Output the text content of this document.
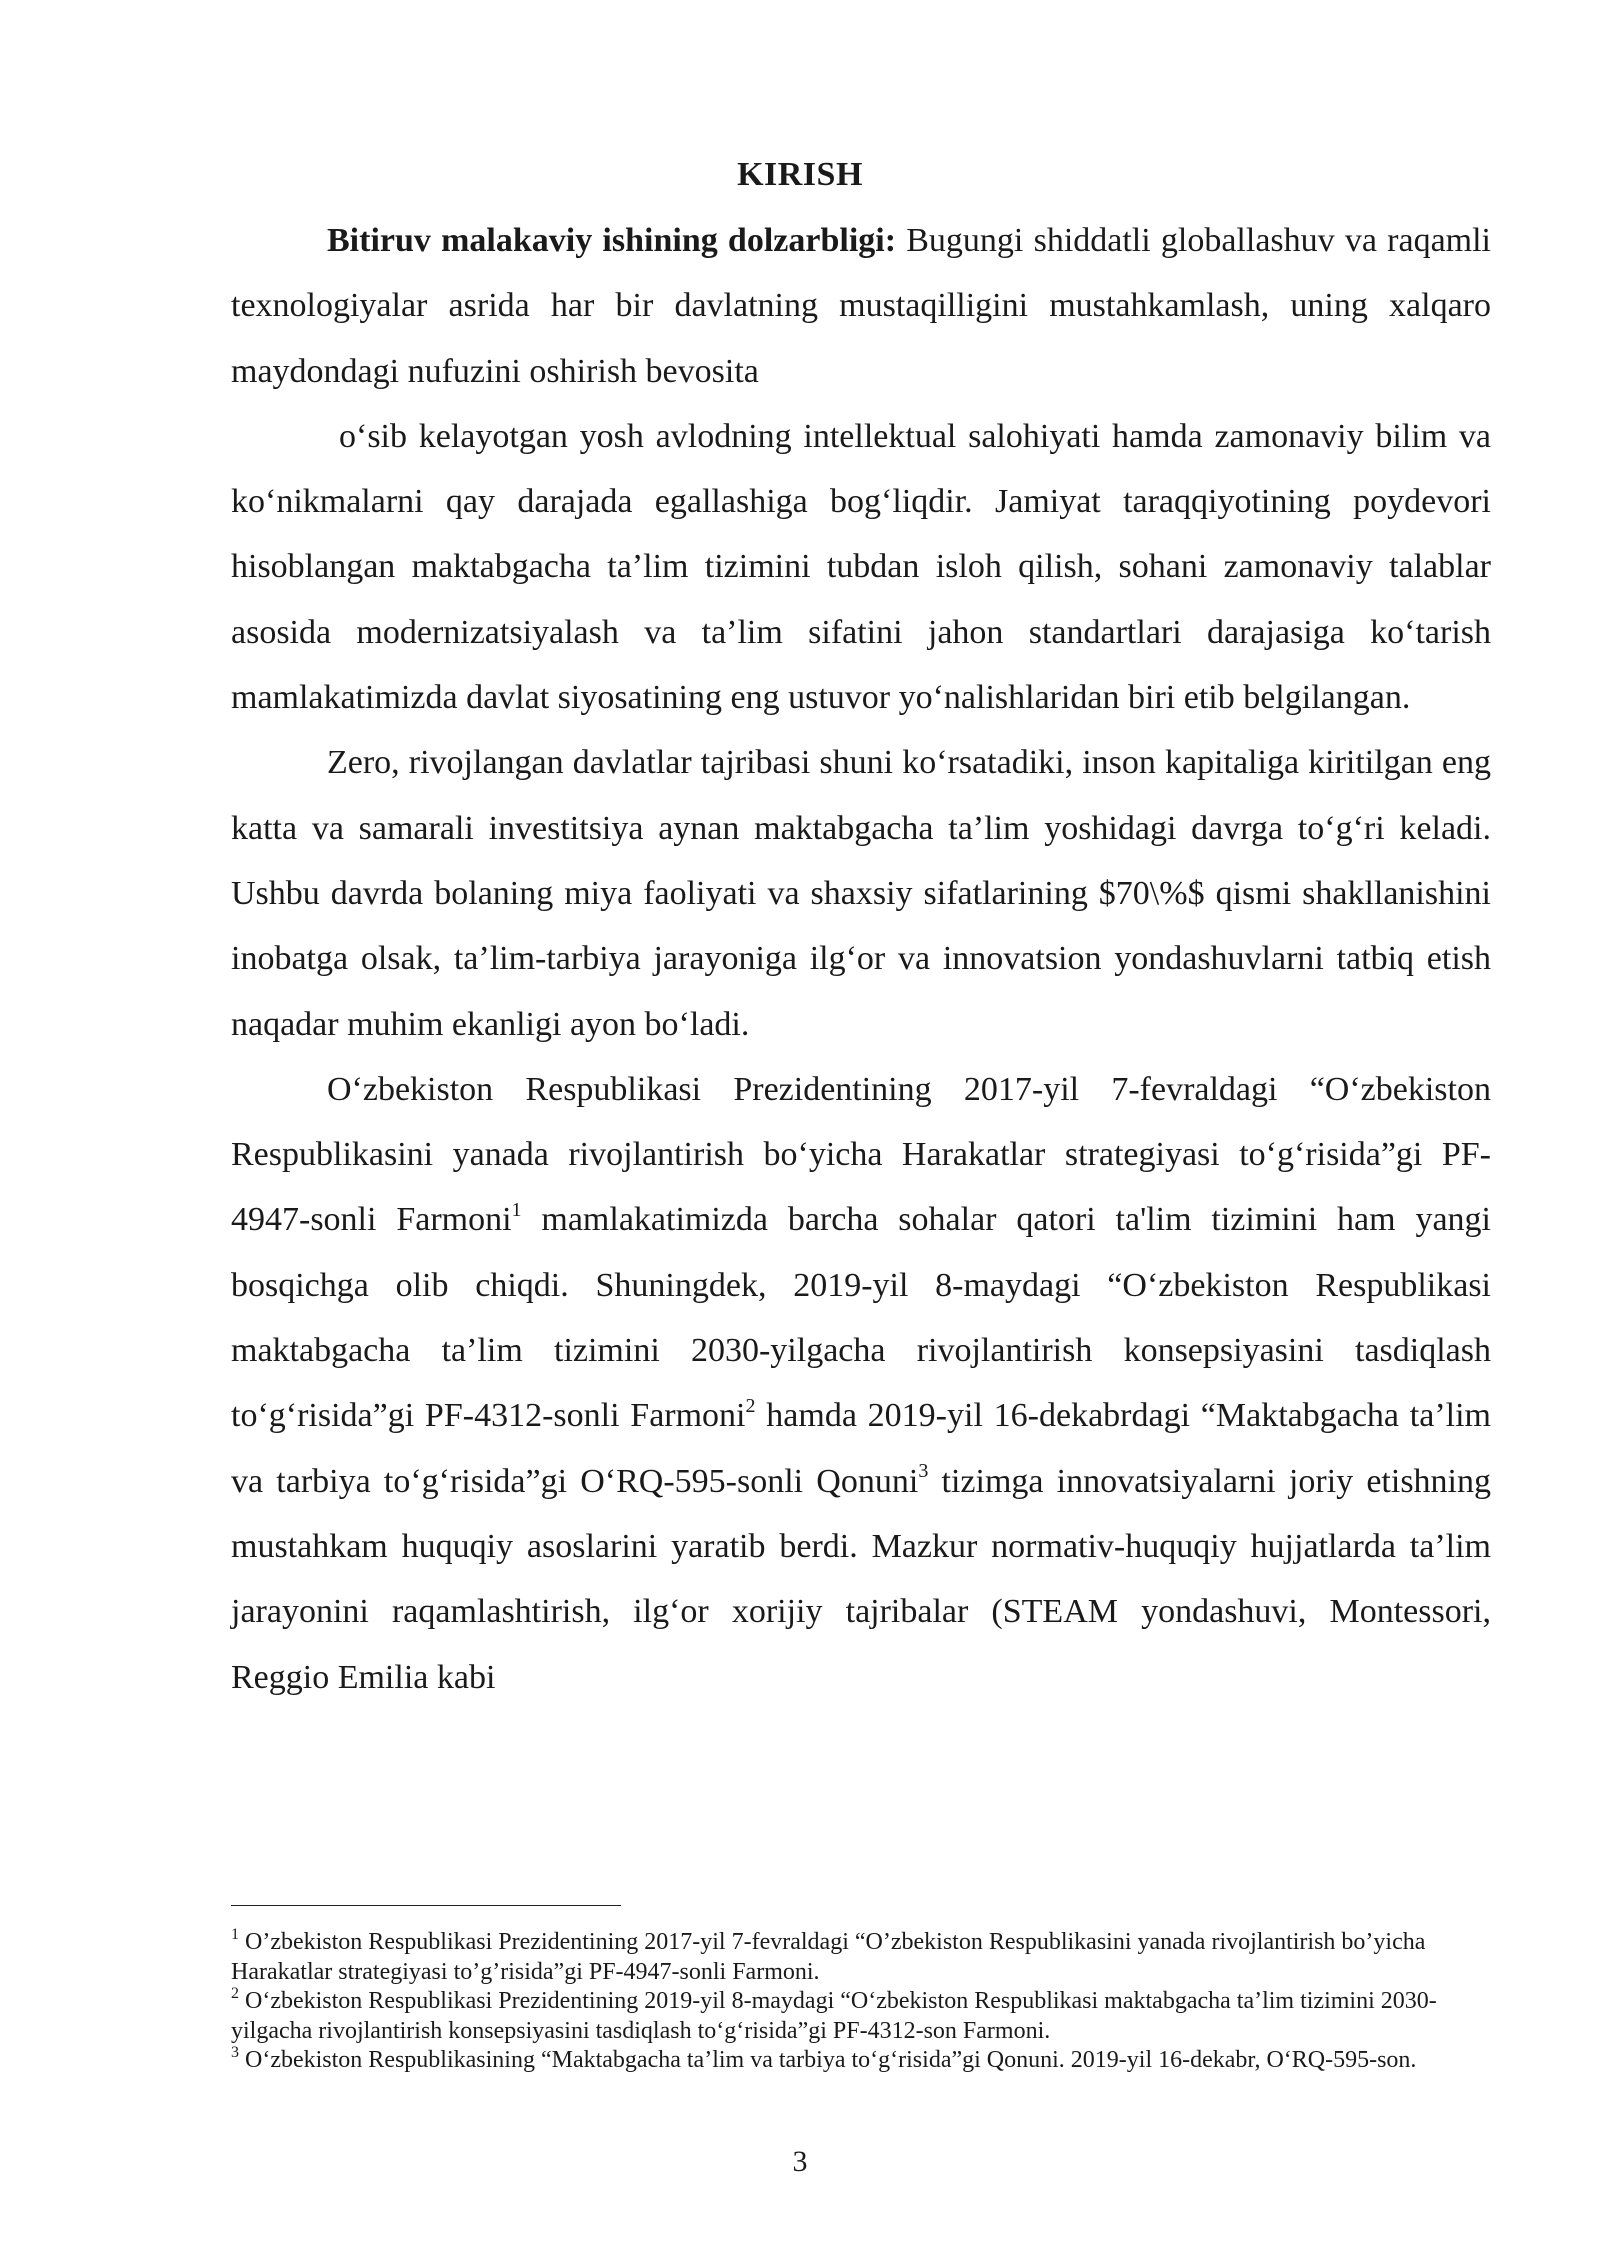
KIRISH

Bitiruv malakaviy ishining dolzarbligi: Bugungi shiddatli globallashuv va raqamli texnologiyalar asrida har bir davlatning mustaqilligini mustahkamlash, uning xalqaro maydondagi nufuzini oshirish bevosita

o‘sib kelayotgan yosh avlodning intellektual salohiyati hamda zamonaviy bilim va ko‘nikmalarni qay darajada egallashiga bog‘liqdir. Jamiyat taraqqiyotining poydevori hisoblangan maktabgacha ta’lim tizimini tubdan isloh qilish, sohani zamonaviy talablar asosida modernizatsiyalash va ta’lim sifatini jahon standartlari darajasiga ko‘tarish mamlakatimizda davlat siyosatining eng ustuvor yo‘nalishlaridan biri etib belgilangan.

Zero, rivojlangan davlatlar tajribasi shuni ko‘rsatadiki, inson kapitaliga kiritilgan eng katta va samarali investitsiya aynan maktabgacha ta’lim yoshidagi davrga to‘g‘ri keladi. Ushbu davrda bolaning miya faoliyati va shaxsiy sifatlarining $70\%$ qismi shakllanishini inobatga olsak, ta’lim-tarbiya jarayoniga ilg‘or va innovatsion yondashuvlarni tatbiq etish naqadar muhim ekanligi ayon bo‘ladi.

O‘zbekiston Respublikasi Prezidentining 2017-yil 7-fevraldagi “O‘zbekiston Respublikasini yanada rivojlantirish bo‘yicha Harakatlar strategiyasi to‘g‘risida”gi PF-4947-sonli Farmoni$^1$ mamlakatimizda barcha sohalar qatori ta'lim tizimini ham yangi bosqichga olib chiqdi. Shuningdek, 2019-yil 8-maydagi “O‘zbekiston Respublikasi maktabgacha ta’lim tizimini 2030-yilgacha rivojlantirish konsepsiyasini tasdiqlash to‘g‘risida”gi PF-4312-sonli Farmoni$^2$ hamda 2019-yil 16-dekabrdagi “Maktabgacha ta’lim va tarbiya to‘g‘risida”gi O‘RQ-595-sonli Qonuni$^3$ tizimga innovatsiyalarni joriy etishning mustahkam huquqiy asoslarini yaratib berdi. Mazkur normativ-huquqiy hujjatlarda ta’lim jarayonini raqamlashtirish, ilg‘or xorijiy tajribalar (STEAM yondashuvi, Montessori, Reggio Emilia kabi

$^1$ O’zbekiston Respublikasi Prezidentining 2017-yil 7-fevraldagi “O’zbekiston Respublikasini yanada rivojlantirish bo’yicha Harakatlar strategiyasi to’g’risida”gi PF-4947-sonli Farmoni.

$^2$ O‘zbekiston Respublikasi Prezidentining 2019-yil 8-maydagi “O‘zbekiston Respublikasi maktabgacha ta’lim tizimini 2030-yilgacha rivojlantirish konsepsiyasini tasdiqlash to‘g‘risida”gi PF-4312-son Farmoni.

$^3$ O‘zbekiston Respublikasining “Maktabgacha ta’lim va tarbiya to‘g‘risida”gi Qonuni. 2019-yil 16-dekabr, O‘RQ-595-son.

3
